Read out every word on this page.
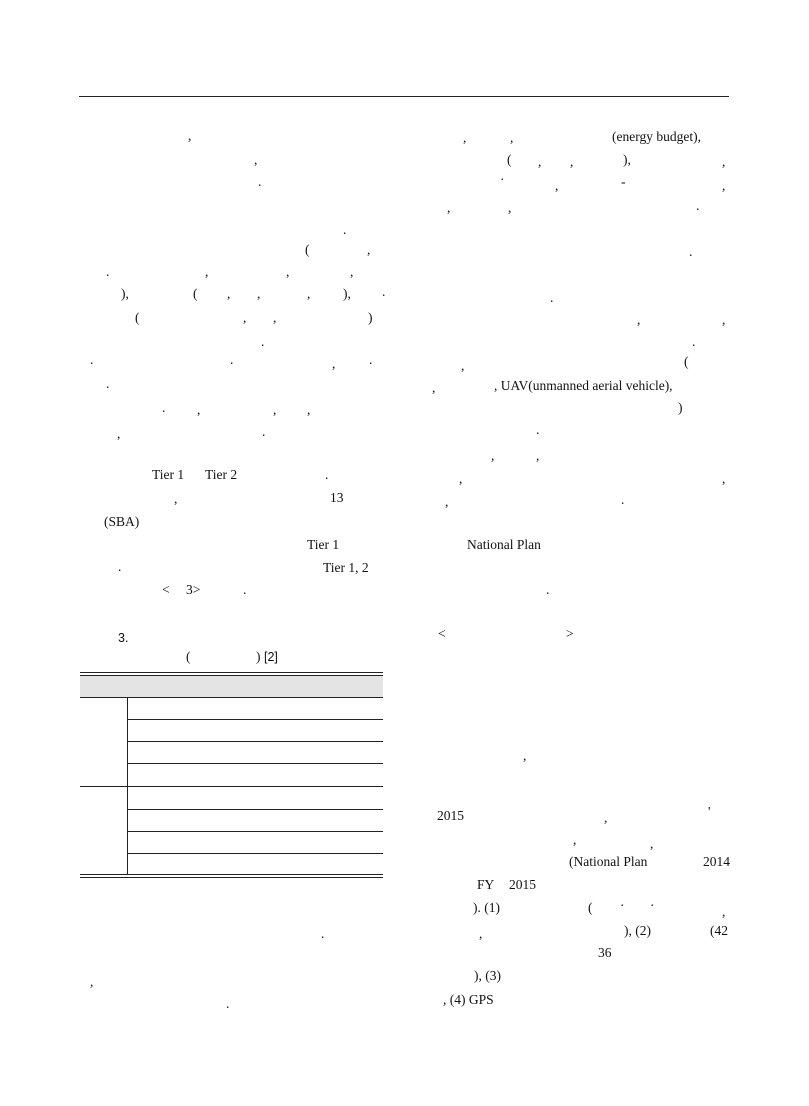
,
,
.
.
(	,
.	,	,	,
),	( , ,	, ), .
(	, ,	)
.
.	.	, .
.
. ,	, ,
,	.
Tier 1 Tier 2	.
,	13
(SBA)
Tier 1
.	Tier 1, 2
< 3>	.
3.
(	) [2]
.
,
.
,	,	(energy budget),
( , ,	),	,
·	,	-	,
,	,	.
.
.
,	,
.
,	(
,	, UAV(unmanned aerial vehicle),
)
.
,	,
,	,
,	.
National Plan
.
<	>
,
2015	,	'
,	,
(National Plan	2014
FY 2015
). (1)	( · ·	,
,	), (2)	(42
36
), (3)
, (4) GPS
